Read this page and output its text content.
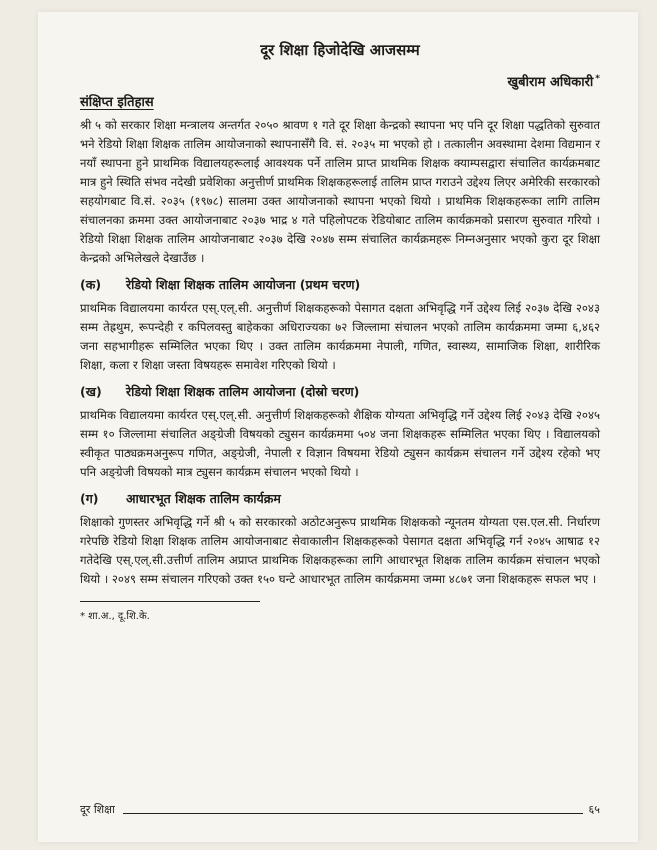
दूर शिक्षा हिजोदेखि आजसम्म
खुबीराम अधिकारी *
संक्षिप्त इतिहास

श्री ५ को सरकार शिक्षा मन्त्रालय अन्तर्गत २०५० श्रावण १ गते दूर शिक्षा केन्द्रको स्थापना भए पनि दूर शिक्षा पद्धतिको सुरुवात भने रेडियो शिक्षा शिक्षक तालिम आयोजनाको स्थापनासँगै वि. सं. २०३५ मा भएको हो । तत्कालीन अवस्थामा देशमा विद्यमान र नयाँ स्थापना हुने प्राथमिक विद्यालयहरूलाई आवश्यक पर्ने तालिम प्राप्त प्राथमिक शिक्षक क्याम्पसद्वारा संचालित कार्यक्रमबाट मात्र हुने स्थिति संभव नदेखी प्रवेशिका अनुत्तीर्ण प्राथमिक शिक्षकहरूलाई तालिम प्राप्त गराउने उद्देश्य लिएर अमेरिकी सरकारको सहयोगबाट वि.सं. २०३५ (१९७८) सालमा उक्त आयोजनाको स्थापना भएको थियो । प्राथमिक शिक्षकहरूका लागि तालिम संचालनका क्रममा उक्त आयोजनाबाट २०३७ भाद्र ४ गते पहिलोपटक रेडियोबाट तालिम कार्यक्रमको प्रसारण सुरुवात गरियो । रेडियो शिक्षा शिक्षक तालिम आयोजनाबाट २०३७ देखि २०४७ सम्म संचालित कार्यक्रमहरू निम्नअनुसार भएको कुरा दूर शिक्षा केन्द्रको अभिलेखले देखाउँछ ।

(क)	रेडियो शिक्षा शिक्षक तालिम आयोजना (प्रथम चरण)

प्राथमिक विद्यालयमा कार्यरत एस्.एल्.सी. अनुत्तीर्ण शिक्षकहरूको पेसागत दक्षता अभिवृद्धि गर्ने उद्देश्य लिई २०३७ देखि २०४३ सम्म तेह्रथुम, रूपन्देही र कपिलवस्तु बाहेकका अधिराज्यका ७२ जिल्लामा संचालन भएको तालिम कार्यक्रममा जम्मा ६,४६२ जना सहभागीहरू सम्मिलित भएका थिए । उक्त तालिम कार्यक्रममा नेपाली, गणित, स्वास्थ्य, सामाजिक शिक्षा, शारीरिक शिक्षा, कला र शिक्षा जस्ता विषयहरू समावेश गरिएको थियो ।

(ख)	रेडियो शिक्षा शिक्षक तालिम आयोजना (दोस्रो चरण)

प्राथमिक विद्यालयमा कार्यरत एस्.एल्.सी. अनुत्तीर्ण शिक्षकहरूको शैक्षिक योग्यता अभिवृद्धि गर्ने उद्देश्य लिई २०४३ देखि २०४५ सम्म १० जिल्लामा संचालित अङ्ग्रेजी विषयको ट्युसन कार्यक्रममा ५०४ जना शिक्षकहरू सम्मिलित भएका थिए । विद्यालयको स्वीकृत पाठ्यक्रमअनुरूप गणित, अङ्ग्रेजी, नेपाली र विज्ञान विषयमा रेडियो ट्युसन कार्यक्रम संचालन गर्ने उद्देश्य रहेको भए पनि अङ्ग्रेजी विषयको मात्र ट्युसन कार्यक्रम संचालन भएको थियो ।

(ग)	आधारभूत शिक्षक तालिम कार्यक्रम

शिक्षाको गुणस्तर अभिवृद्धि गर्ने श्री ५ को सरकारको अठोटअनुरूप प्राथमिक शिक्षकको न्यूनतम योग्यता एस.एल.सी. निर्धारण गरेपछि रेडियो शिक्षा शिक्षक तालिम आयोजनाबाट सेवाकालीन शिक्षकहरूको पेसागत दक्षता अभिवृद्धि गर्न २०४५ आषाढ १२ गतेदेखि एस्.एल्.सी.उत्तीर्ण तालिम अप्राप्त प्राथमिक शिक्षकहरूका लागि आधारभूत शिक्षक तालिम कार्यक्रम संचालन भएको थियो । २०४९ सम्म संचालन गरिएको उक्त १५० घन्टे आधारभूत तालिम कार्यक्रममा जम्मा ४८७१ जना शिक्षकहरू सफल भए ।

* शा.अ., दू.शि.के.
दूर शिक्षा	६५
